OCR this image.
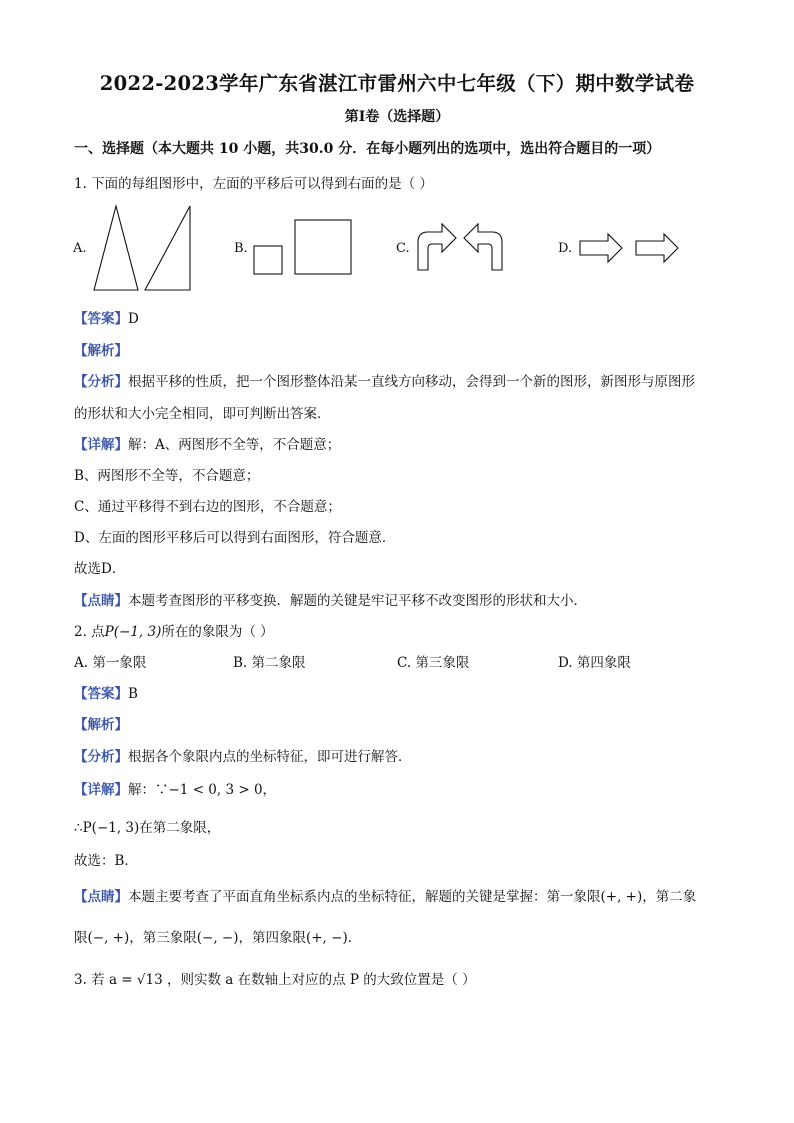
2022-2023学年广东省湛江市雷州六中七年级（下）期中数学试卷
第I卷（选择题）
一、选择题（本大题共 10 小题，共30.0 分．在每小题列出的选项中，选出符合题目的一项）
1. 下面的每组图形中，左面的平移后可以得到右面的是（ ）
A.	B.	C.	D.
【答案】D
【解析】
【分析】根据平移的性质，把一个图形整体沿某一直线方向移动，会得到一个新的图形，新图形与原图形
的形状和大小完全相同，即可判断出答案．
【详解】解：A、两图形不全等，不合题意；
B、两图形不全等，不合题意；
C、通过平移得不到右边的图形，不合题意；
D、左面的图形平移后可以得到右面图形，符合题意．
故选D．
【点睛】本题考查图形的平移变换．解题的关键是牢记平移不改变图形的形状和大小．
2. 点P(−1, 3)所在的象限为（ ）
A. 第一象限	B. 第二象限	C. 第三象限	D. 第四象限
【答案】B
【解析】
【分析】根据各个象限内点的坐标特征，即可进行解答．
【详解】解：∵−1 < 0, 3 > 0，
∴P(−1, 3)在第二象限，
故选：B．
【点睛】本题主要考查了平面直角坐标系内点的坐标特征，解题的关键是掌握：第一象限(+, +)，第二象
限(−, +)，第三象限(−, −)，第四象限(+, −)．
3. 若 a = √13 ，则实数 a 在数轴上对应的点 P 的大致位置是（ ）
